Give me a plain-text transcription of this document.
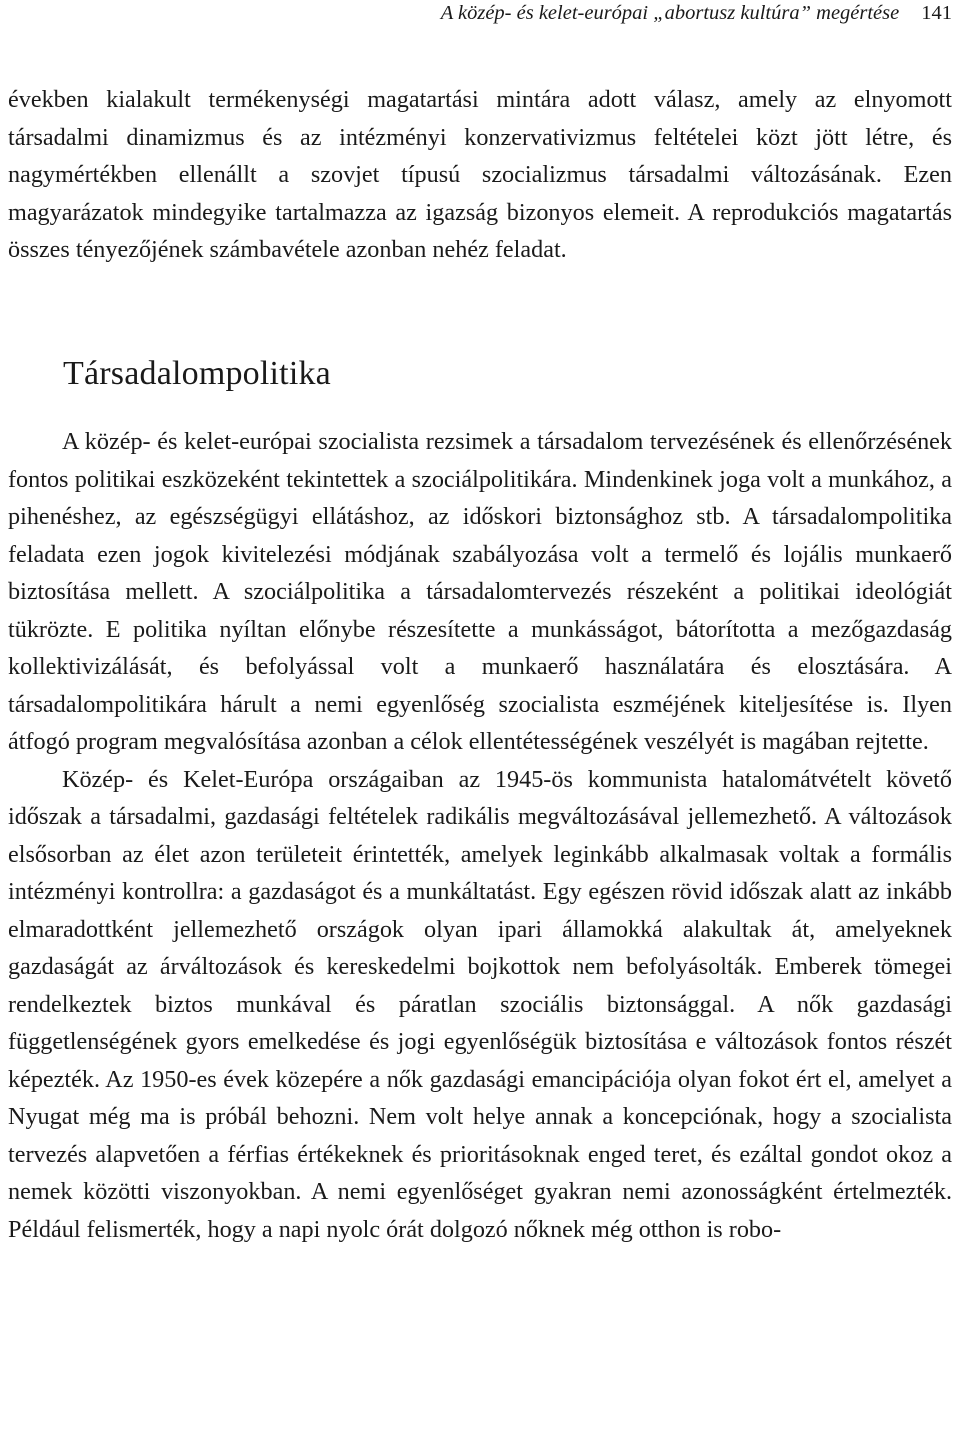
A közép- és kelet-európai „abortusz kultúra” megértése 141

években kialakult termékenységi magatartási mintára adott válasz, amely az elnyomott társadalmi dinamizmus és az intézményi konzervativizmus feltételei közt jött létre, és nagymértékben ellenállt a szovjet típusú szocializmus társadalmi változásának. Ezen magyarázatok mindegyike tartalmazza az igazság bizonyos elemeit. A reprodukciós magatartás összes tényezőjének számbavétele azonban nehéz feladat.

Társadalompolitika

A közép- és kelet-európai szocialista rezsimek a társadalom tervezésének és ellenőrzésének fontos politikai eszközeként tekintettek a szociálpolitikára. Mindenkinek joga volt a munkához, a pihenéshez, az egészségügyi ellátáshoz, az időskori biztonsághoz stb. A társadalompolitika feladata ezen jogok kivitelezési módjának szabályozása volt a termelő és lojális munkaerő biztosítása mellett. A szociálpolitika a társadalomtervezés részeként a politikai ideológiát tükrözte. E politika nyíltan előnybe részesítette a munkásságot, bátorította a mezőgazdaság kollektivizálását, és befolyással volt a munkaerő használatára és elosztására. A társadalompolitikára hárult a nemi egyenlőség szocialista eszméjének kiteljesítése is. Ilyen átfogó program megvalósítása azonban a célok ellentétességének veszélyét is magában rejtette.

Közép- és Kelet-Európa országaiban az 1945-ös kommunista hatalomátvételt követő időszak a társadalmi, gazdasági feltételek radikális megváltozásával jellemezhető. A változások elsősorban az élet azon területeit érintették, amelyek leginkább alkalmasak voltak a formális intézményi kontrollra: a gazdaságot és a munkáltatást. Egy egészen rövid időszak alatt az inkább elmaradottként jellemezhető országok olyan ipari államokká alakultak át, amelyeknek gazdaságát az árváltozások és kereskedelmi bojkottok nem befolyásolták. Emberek tömegei rendelkeztek biztos munkával és páratlan szociális biztonsággal. A nők gazdasági függetlenségének gyors emelkedése és jogi egyenlőségük biztosítása e változások fontos részét képezték. Az 1950-es évek közepére a nők gazdasági emancipációja olyan fokot ért el, amelyet a Nyugat még ma is próbál behozni. Nem volt helye annak a koncepciónak, hogy a szocialista tervezés alapvetően a férfias értékeknek és prioritásoknak enged teret, és ezáltal gondot okoz a nemek közötti viszonyokban. A nemi egyenlőséget gyakran nemi azonosságként értelmezték. Például felismerték, hogy a napi nyolc órát dolgozó nőknek még otthon is robo-
